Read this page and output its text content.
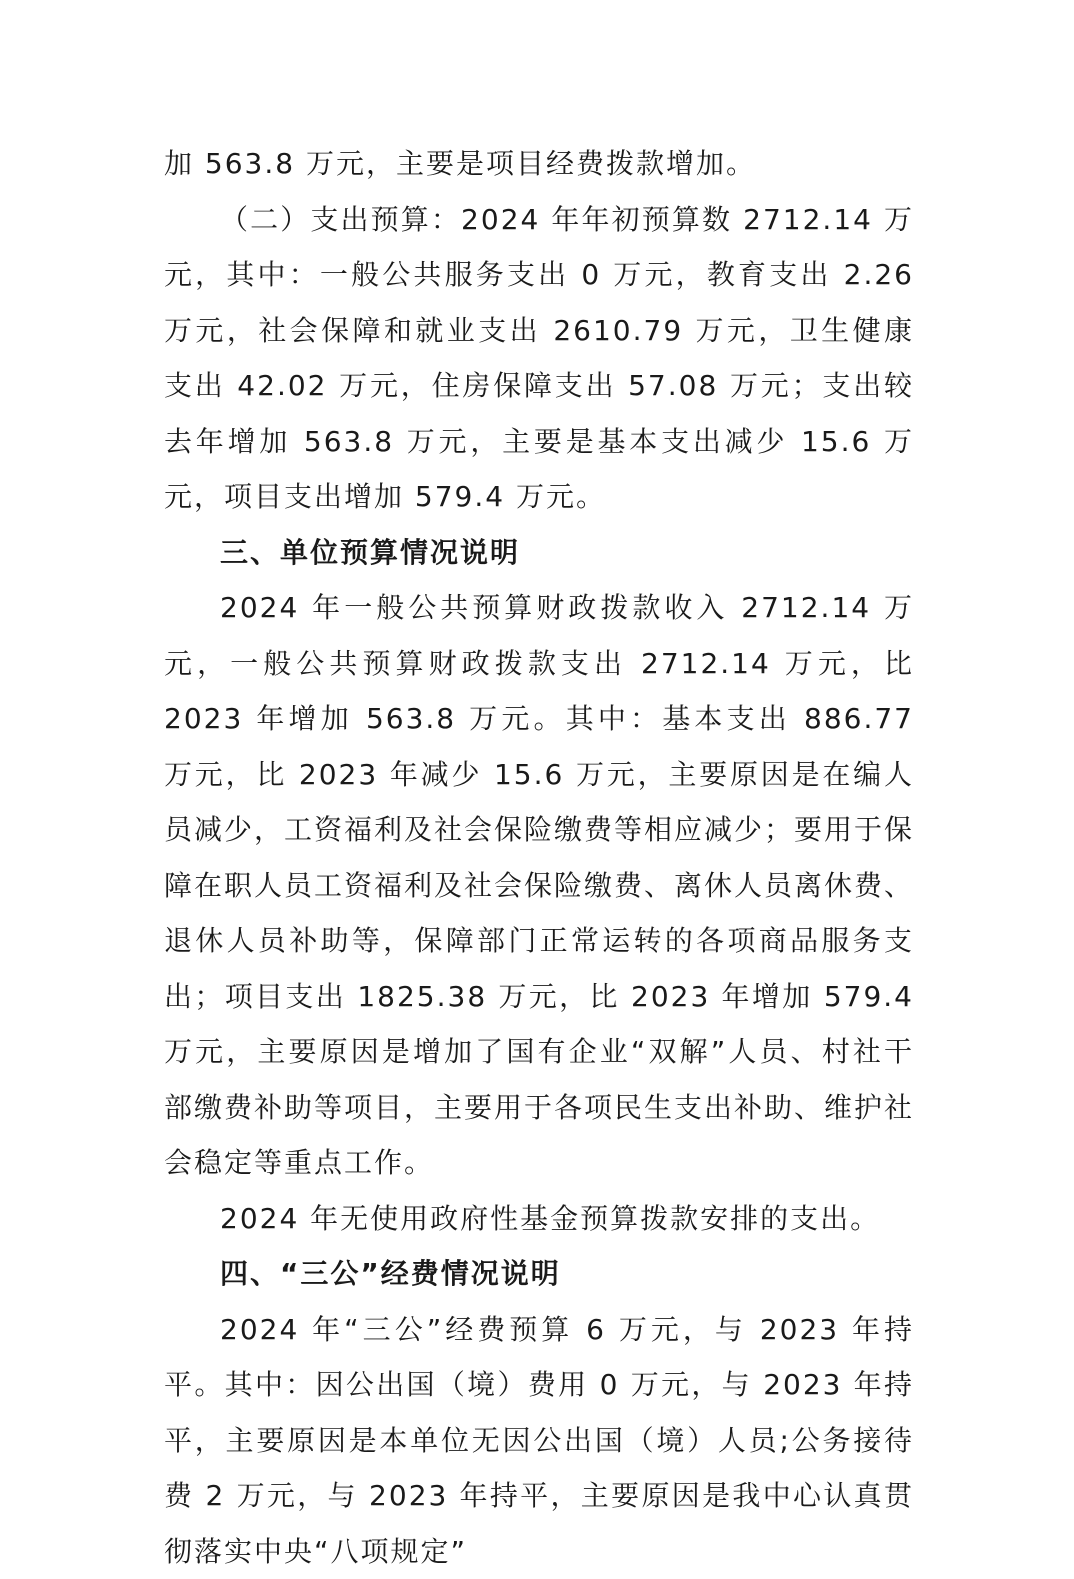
加 563.8 万元，主要是项目经费拨款增加。

（二）支出预算：2024 年年初预算数 2712.14 万元，其中：一般公共服务支出 0 万元，教育支出 2.26 万元，社会保障和就业支出 2610.79 万元，卫生健康支出 42.02 万元，住房保障支出 57.08 万元；支出较去年增加 563.8 万元，主要是基本支出减少 15.6 万元，项目支出增加 579.4 万元。

三、单位预算情况说明

2024 年一般公共预算财政拨款收入 2712.14 万元，一般公共预算财政拨款支出 2712.14 万元，比 2023 年增加 563.8 万元。其中：基本支出 886.77 万元，比 2023 年减少 15.6 万元，主要原因是在编人员减少，工资福利及社会保险缴费等相应减少；要用于保障在职人员工资福利及社会保险缴费、离休人员离休费、退休人员补助等，保障部门正常运转的各项商品服务支出；项目支出 1825.38 万元，比 2023 年增加 579.4 万元，主要原因是增加了国有企业“双解”人员、村社干部缴费补助等项目，主要用于各项民生支出补助、维护社会稳定等重点工作。

2024 年无使用政府性基金预算拨款安排的支出。

四、“三公”经费情况说明

2024 年“三公”经费预算 6 万元，与 2023 年持平。其中：因公出国（境）费用 0 万元，与 2023 年持平，主要原因是本单位无因公出国（境）人员;公务接待费 2 万元，与 2023 年持平，主要原因是我中心认真贯彻落实中央“八项规定”
